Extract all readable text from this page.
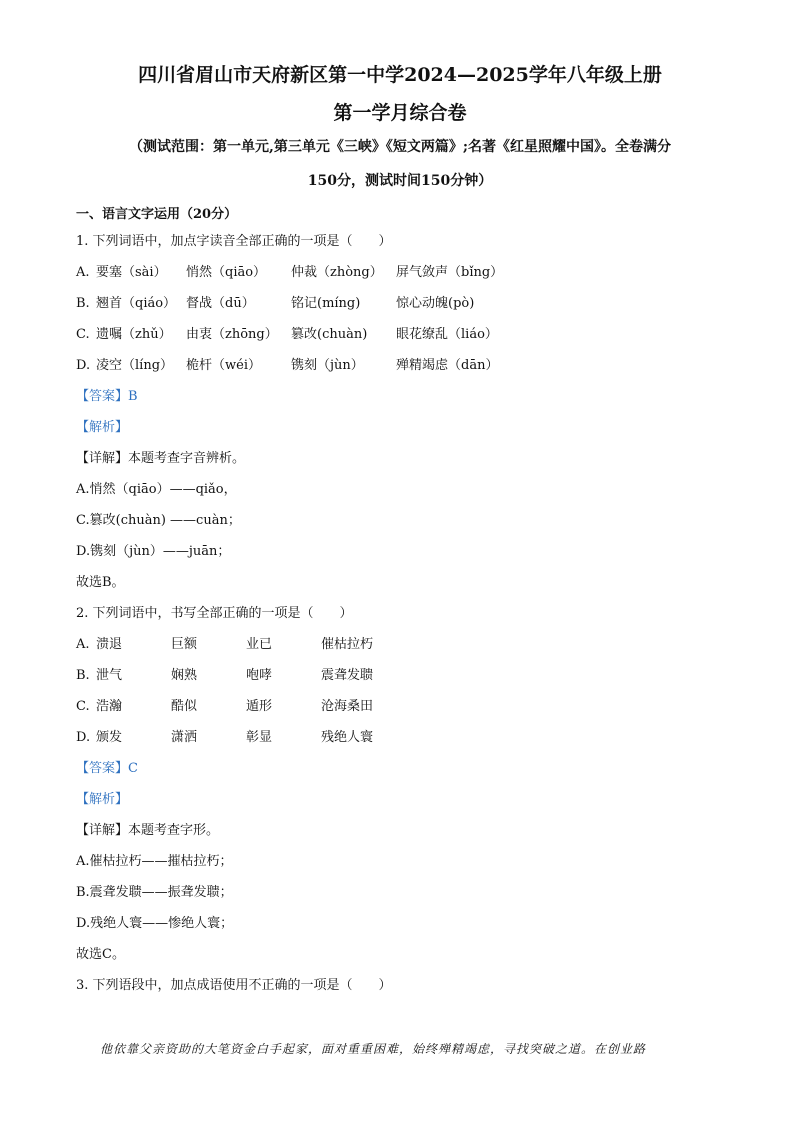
四川省眉山市天府新区第一中学2024—2025学年八年级上册
第一学月综合卷
（测试范围：第一单元,第三单元《三峡》《短文两篇》;名著《红星照耀中国》。全卷满分
150分，测试时间150分钟）
一、语言文字运用（20分）
1. 下列词语中，加点字读音全部正确的一项是（　　）
A. 要塞（sài） 悄然（qiāo）	仲裁（zhòng） 屏气敛声（bǐng）
B. 翘首（qiáo） 督战（dū）	铭记(míng)	惊心动魄(pò)
C. 遗嘱（zhǔ） 由衷（zhōng） 篡改(chuàn)	眼花缭乱（liáo）
D. 凌空（líng） 桅杆（wéi）	镌刻（jùn）	殚精竭虑（dān）
【答案】B
【解析】
【详解】本题考查字音辨析。
A.悄然（qiāo）——qiǎo，
C.篡改(chuàn) ——cuàn；
D.镌刻（jùn）——juān；
故选B。
2. 下列词语中，书写全部正确的一项是（　　）
A. 溃退	巨额	业已	催枯拉朽
B. 泄气	娴熟	咆哮	震聋发聩
C. 浩瀚	酷似	遁形	沧海桑田
D. 颁发	潇洒	彰显	残绝人寰
【答案】C
【解析】
【详解】本题考查字形。
A.催枯拉朽——摧枯拉朽；
B.震聋发聩——振聋发聩；
D.残绝人寰——惨绝人寰；
故选C。
3. 下列语段中，加点成语使用不正确的一项是（　　）
他依靠父亲资助的大笔资金白手起家，面对重重困难，始终殚精竭虑，寻找突破之道。在创业路
